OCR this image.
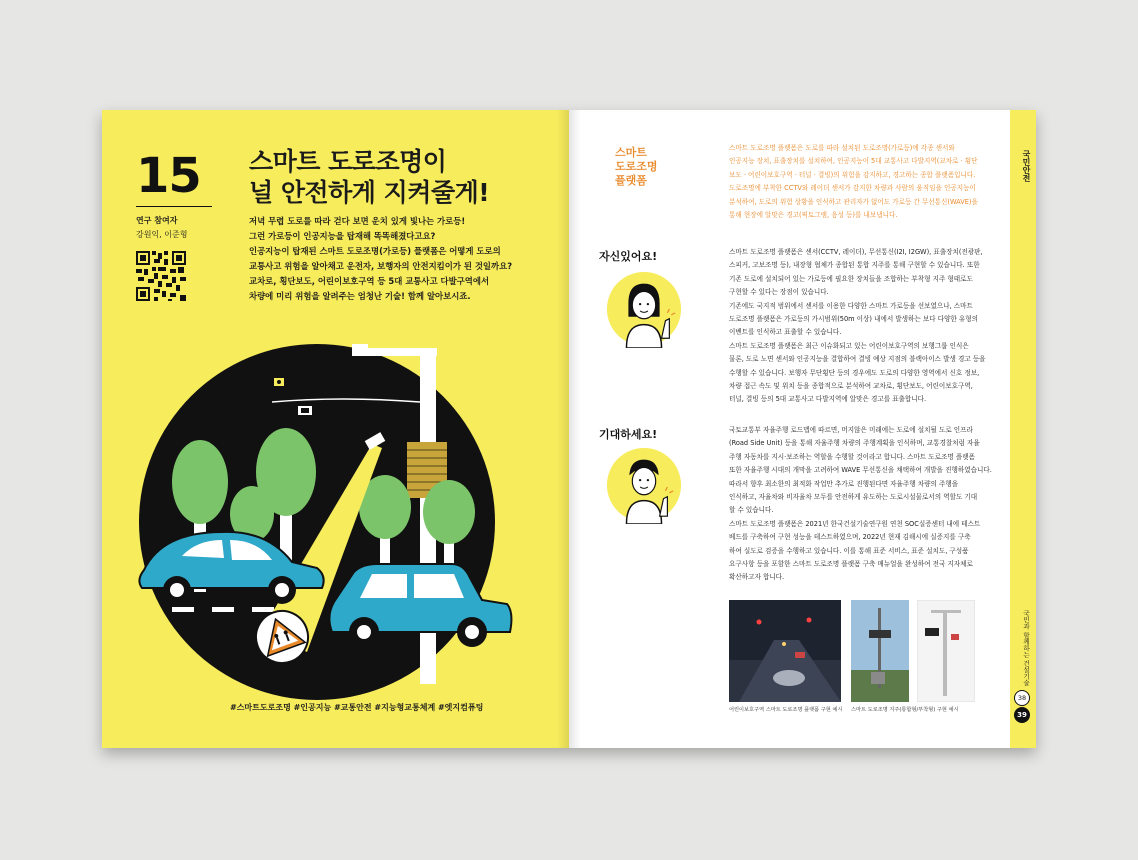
15
연구 참여자
강원익, 이준형
스마트 도로조명이
널 안전하게 지켜줄게!
저녁 무렵 도로를 따라 걷다 보면 운치 있게 빛나는 가로등!
그런 가로등이 인공지능을 탑재해 똑똑해졌다고요?
인공지능이 탑재된 스마트 도로조명(가로등) 플랫폼은 어떻게 도로의
교통사고 위험을 알아채고 운전자, 보행자의 안전지킴이가 된 것일까요?
교차로, 횡단보도, 어린이보호구역 등 5대 교통사고 다발구역에서
차량에 미리 위험을 알려주는 엄청난 기술! 함께 알아보시죠.
#스마트도로조명 #인공지능 #교통안전 #지능형교통체계 #엣지컴퓨팅
스마트
도로조명
플랫폼
스마트 도로조명 플랫폼은 도로를 따라 설치된 도로조명(가로등)에 각종 센서와
인공지능 장치, 표출장치를 설치하여, 인공지능이 5대 교통사고 다발지역(교차로 · 횡단
보도 · 어린이보호구역 · 터널 · 결빙)의 위험을 감지하고, 경고하는 종합 플랫폼입니다.
도로조명에 부착한 CCTV와 레이더 센서가 감지한 차량과 사람의 움직임을 인공지능이
분석하여, 도로의 위험 상황을 인식하고 관리자가 없어도 가로등 간 무선통신(WAVE)을
통해 현장에 알맞은 경고(픽토그램, 음성 등)를 내보냅니다.
자신있어요!	스마트 도로조명 플랫폼은 센서(CCTV, 레이더), 무선통신(I2I, I2GW), 표출장치(전광판,
스피커, 고보조명 등), 내장형 협체가 종합된 통합 지주를 통해 구현할 수 있습니다. 또한
기존 도로에 설치되어 있는 가로등에 필요한 장치들을 조합하는 부착형 지주 형태로도
구현할 수 있다는 장점이 있습니다.
기존에도 국지적 범위에서 센서를 이용한 다양한 스마트 가로등을 선보였으나, 스마트
도로조명 플랫폼은 가로등의 가시범위(50m 이상) 내에서 발생하는 보다 다양한 유형의
이벤트를 인식하고 표출할 수 있습니다.
스마트 도로조명 플랫폼은 최근 이슈화되고 있는 어린이보호구역의 보행그룹 인식은
물론, 도로 노면 센서와 인공지능을 결합하여 결빙 예상 지점의 블랙아이스 발생 경고 등을
수행할 수 있습니다. 보행자 무단횡단 등의 경우에도 도로의 다양한 영역에서 신호 정보,
차량 접근 속도 및 위치 등을 종합적으로 분석하여 교차로, 횡단보도, 어린이보호구역,
터널, 결빙 등의 5대 교통사고 다발지역에 알맞은 경고를 표출합니다.
기대하세요!	국토교통부 자율주행 로드맵에 따르면, 머지않은 미래에는 도로에 설치될 도로 인프라
(Road Side Unit) 등을 통해 자율주행 차량의 주행계획을 인식하며, 교통경찰처럼 자율
주행 자동차를 지시·보조하는 역할을 수행할 것이라고 합니다. 스마트 도로조명 플랫폼
또한 자율주행 시대의 개막을 고려하여 WAVE 무선통신을 채택하여 개발을 진행하였습니다.
따라서 향후 최소한의 최적화 작업만 추가로 진행된다면 자율주행 차량의 주행을
인식하고, 자율차와 비자율차 모두를 안전하게 유도하는 도로시설물로서의 역할도 기대
할 수 있습니다.
스마트 도로조명 플랫폼은 2021년 한국건설기술연구원 연천 SOC실증센터 내에 테스트
베드를 구축하여 구현 성능을 테스트하였으며, 2022년 현재 김해시에 실증지를 구축
하여 실도로 검증을 수행하고 있습니다. 이를 통해 표준 서비스, 표준 설치도, 구성품
요구사항 등을 포함한 스마트 도로조명 플랫폼 구축 매뉴얼을 완성하여 전국 지자체로
확산하고자 합니다.
어린이보호구역 스마트 도로조명 플랫폼 구현 예시 스마트 도로조명 지주(통합형/부착형) 구현 예시
국민안전
국민과 함께하는 건설기술
38
39
